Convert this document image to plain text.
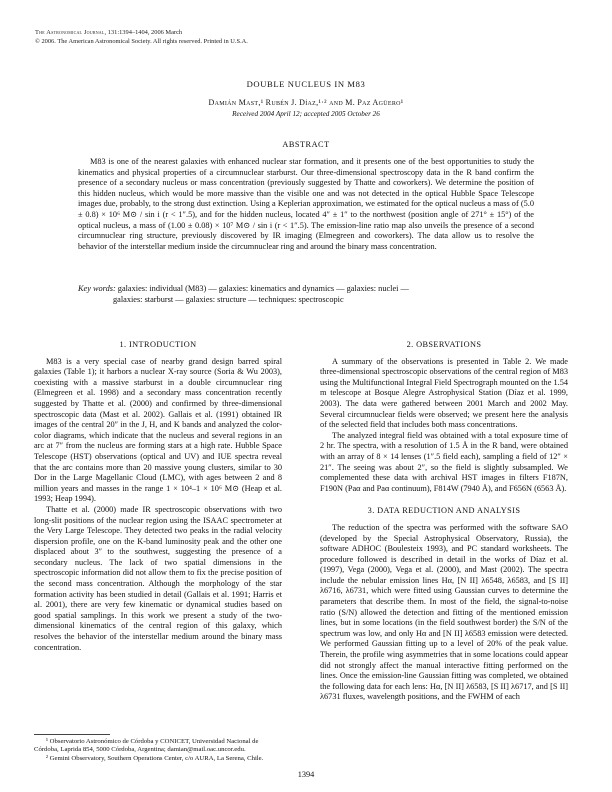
The Astronomical Journal, 131:1394–1404, 2006 March
© 2006. The American Astronomical Society. All rights reserved. Printed in U.S.A.
DOUBLE NUCLEUS IN M83
Damián Mast,¹ Rubén J. Díaz,¹·² and M. Paz Agüero¹
Received 2004 April 12; accepted 2005 October 26
ABSTRACT

M83 is one of the nearest galaxies with enhanced nuclear star formation, and it presents one of the best opportunities to study the kinematics and physical properties of a circumnuclear starburst. Our three-dimensional spectroscopy data in the R band confirm the presence of a secondary nucleus or mass concentration (previously suggested by Thatte and coworkers). We determine the position of this hidden nucleus, which would be more massive than the visible one and was not detected in the optical Hubble Space Telescope images due, probably, to the strong dust extinction. Using a Keplerian approximation, we estimated for the optical nucleus a mass of (5.0 ± 0.8) × 10⁶ M⊙ / sin i (r < 1″.5), and for the hidden nucleus, located 4″ ± 1″ to the northwest (position angle of 271° ± 15°) of the optical nucleus, a mass of (1.00 ± 0.08) × 10⁷ M⊙ / sin i (r < 1″.5). The emission-line ratio map also unveils the presence of a second circumnuclear ring structure, previously discovered by IR imaging (Elmegreen and coworkers). The data allow us to resolve the behavior of the interstellar medium inside the circumnuclear ring and around the binary mass concentration.

Key words: galaxies: individual (M83) — galaxies: kinematics and dynamics — galaxies: nuclei —
galaxies: starburst — galaxies: structure — techniques: spectroscopic
1. INTRODUCTION

M83 is a very special case of nearby grand design barred spiral galaxies (Table 1); it harbors a nuclear X-ray source (Soria & Wu 2003), coexisting with a massive starburst in a double circumnuclear ring (Elmegreen et al. 1998) and a secondary mass concentration recently suggested by Thatte et al. (2000) and confirmed by three-dimensional spectroscopic data (Mast et al. 2002). Gallais et al. (1991) obtained IR images of the central 20″ in the J, H, and K bands and analyzed the color-color diagrams, which indicate that the nucleus and several regions in an arc at 7″ from the nucleus are forming stars at a high rate. Hubble Space Telescope (HST) observations (optical and UV) and IUE spectra reveal that the arc contains more than 20 massive young clusters, similar to 30 Dor in the Large Magellanic Cloud (LMC), with ages between 2 and 8 million years and masses in the range 1 × 10⁴–1 × 10⁶ M⊙ (Heap et al. 1993; Heap 1994).

Thatte et al. (2000) made IR spectroscopic observations with two long-slit positions of the nuclear region using the ISAAC spectrometer at the Very Large Telescope. They detected two peaks in the radial velocity dispersion profile, one on the K-band luminosity peak and the other one displaced about 3″ to the southwest, suggesting the presence of a secondary nucleus. The lack of two spatial dimensions in the spectroscopic information did not allow them to fix the precise position of the second mass concentration. Although the morphology of the star formation activity has been studied in detail (Gallais et al. 1991; Harris et al. 2001), there are very few kinematic or dynamical studies based on good spatial samplings. In this work we present a study of the two-dimensional kinematics of the central region of this galaxy, which resolves the behavior of the interstellar medium around the binary mass concentration.

2. OBSERVATIONS

A summary of the observations is presented in Table 2. We made three-dimensional spectroscopic observations of the central region of M83 using the Multifunctional Integral Field Spectrograph mounted on the 1.54 m telescope at Bosque Alegre Astrophysical Station (Díaz et al. 1999, 2003). The data were gathered between 2001 March and 2002 May. Several circumnuclear fields were observed; we present here the analysis of the selected field that includes both mass concentrations.

The analyzed integral field was obtained with a total exposure time of 2 hr. The spectra, with a resolution of 1.5 Å in the R band, were obtained with an array of 8 × 14 lenses (1″.5 field each), sampling a field of 12″ × 21″. The seeing was about 2″, so the field is slightly subsampled. We complemented these data with archival HST images in filters F187N, F190N (Paα and Paα continuum), F814W (7940 Å), and F656N (6563 Å).

3. DATA REDUCTION AND ANALYSIS

The reduction of the spectra was performed with the software SAO (developed by the Special Astrophysical Observatory, Russia), the software ADHOC (Boulesteix 1993), and PC standard worksheets. The procedure followed is described in detail in the works of Díaz et al. (1997), Vega (2000), Vega et al. (2000), and Mast (2002). The spectra include the nebular emission lines Hα, [N II] λ6548, λ6583, and [S II] λ6716, λ6731, which were fitted using Gaussian curves to determine the parameters that describe them. In most of the field, the signal-to-noise ratio (S/N) allowed the detection and fitting of the mentioned emission lines, but in some locations (in the field southwest border) the S/N of the spectrum was low, and only Hα and [N II] λ6583 emission were detected. We performed Gaussian fitting up to a level of 20% of the peak value. Therein, the profile wing asymmetries that in some locations could appear did not strongly affect the manual interactive fitting performed on the lines. Once the emission-line Gaussian fitting was completed, we obtained the following data for each lens: Hα, [N II] λ6583, [S II] λ6717, and [S II] λ6731 fluxes, wavelength positions, and the FWHM of each

¹ Observatorio Astronómico de Córdoba y CONICET, Universidad Nacional de Córdoba, Laprida 854, 5000 Córdoba, Argentina; damian@mail.oac.uncor.edu.

² Gemini Observatory, Southern Operations Center, c/o AURA, La Serena, Chile.

1394
